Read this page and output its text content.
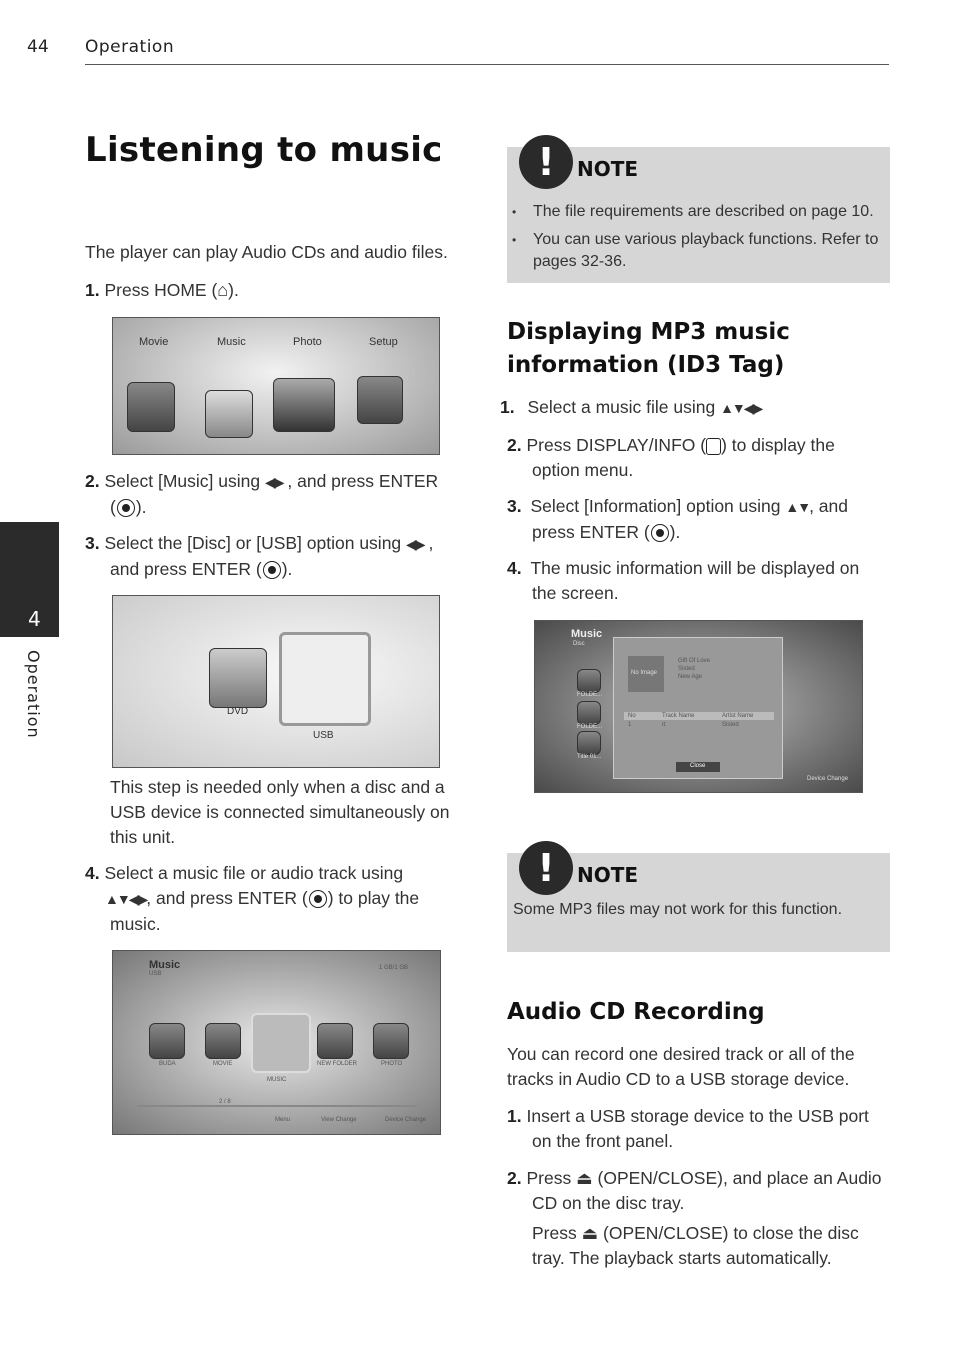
44 Operation
4
Operation
Listening to music
The player can play Audio CDs and audio files.
1. Press HOME (⌂).
Movie	Music	Photo	Setup
2. Select [Music] using ◀▶ , and press ENTER
( ).
3. Select the [Disc] or [USB] option using ◀▶ ,
and press ENTER ( ).
DVD
USB
This step is needed only when a disc and a USB device is connected simultaneously on this unit.
4. Select a music file or audio track using
▲▼◀▶, and press ENTER ( ) to play the
music.
Music
USB
1 GB/1 GB
BUDA	MOVIE
MUSIC
NEW FOLDER	PHOTO
2 / 8
Menu	View Change	Device Change
!	NOTE
• The file requirements are described on page 10.
• You can use various playback functions. Refer to pages 32-36.
Displaying MP3 music
information (ID3 Tag)
1. Select a music file using ▲▼◀▶
2. Press DISPLAY/INFO ( ) to display the
option menu.
3. Select [Information] option using ▲▼, and
press ENTER ( ).
4. The music information will be displayed on
the screen.
Music
Disc
No Image
Gift Of Love
Sisted
New Age
No	Track Name	Artist Name
1	rt	Sisted
Close
FOLDE...
FOLDE...
Title 01...
Device Change
!	NOTE
Some MP3 files may not work for this function.
Audio CD Recording
You can record one desired track or all of the tracks in Audio CD to a USB storage device.
1. Insert a USB storage device to the USB port
on the front panel.
2. Press ⏏ (OPEN/CLOSE), and place an Audio
CD on the disc tray.

Press ⏏ (OPEN/CLOSE) to close the disc
tray. The playback starts automatically.
